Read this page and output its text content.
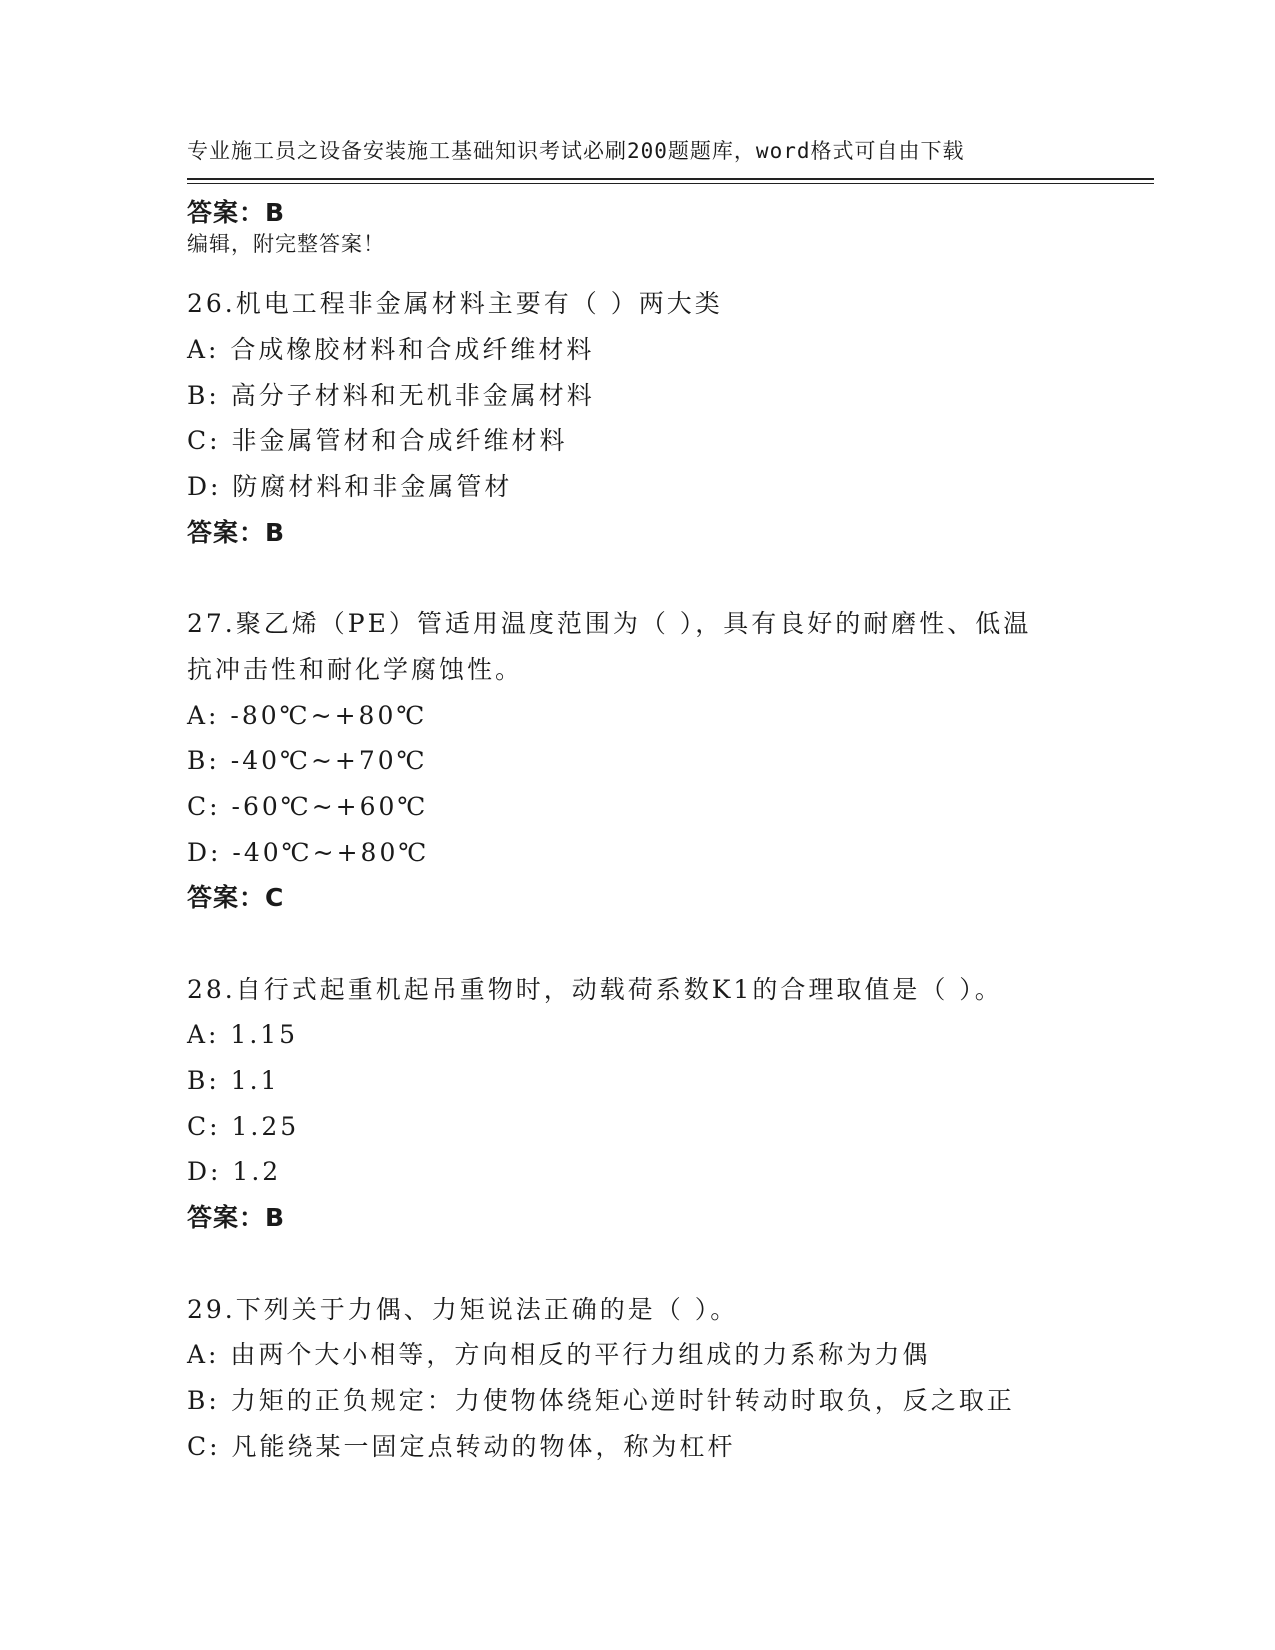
专业施工员之设备安装施工基础知识考试必刷200题题库，word格式可自由下载

编辑，附完整答案！

答案：B
26.机电工程非金属材料主要有（ ）两大类
A: 合成橡胶材料和合成纤维材料
B: 高分子材料和无机非金属材料
C: 非金属管材和合成纤维材料
D: 防腐材料和非金属管材
答案：B
27.聚乙烯（PE）管适用温度范围为（ ），具有良好的耐磨性、低温
抗冲击性和耐化学腐蚀性。
A: -80℃~+80℃
B: -40℃~+70℃
C: -60℃~+60℃
D: -40℃~+80℃
答案：C
28.自行式起重机起吊重物时，动载荷系数K1的合理取值是（ ）。
A: 1.15
B: 1.1
C: 1.25
D: 1.2
答案：B
29.下列关于力偶、力矩说法正确的是（ ）。
A: 由两个大小相等，方向相反的平行力组成的力系称为力偶
B: 力矩的正负规定：力使物体绕矩心逆时针转动时取负，反之取正
C: 凡能绕某一固定点转动的物体，称为杠杆
